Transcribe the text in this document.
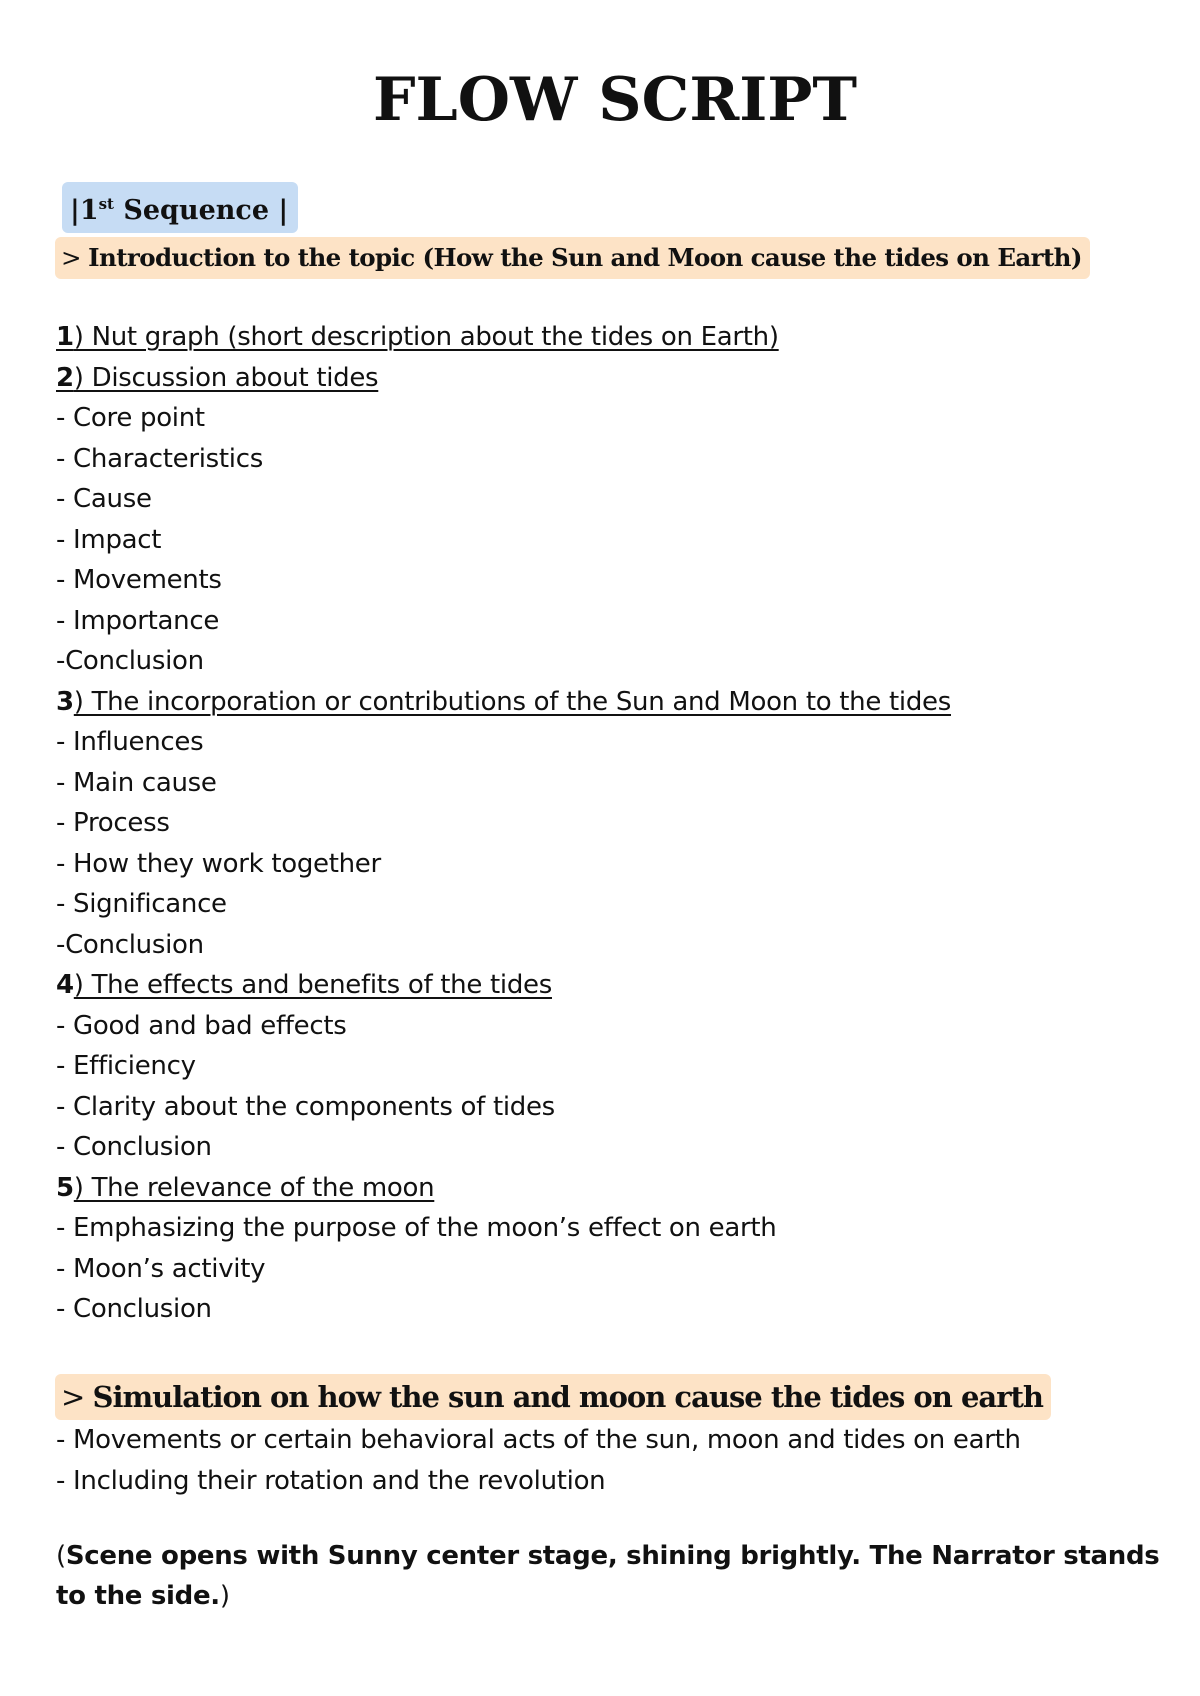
FLOW SCRIPT
|1st Sequence |
> Introduction to the topic (How the Sun and Moon cause the tides on Earth)
1) Nut graph (short description about the tides on Earth)
2) Discussion about tides
- Core point
- Characteristics
- Cause
- Impact
- Movements
- Importance
-Conclusion
3) The incorporation or contributions of the Sun and Moon to the tides
- Influences
- Main cause
- Process
- How they work together
- Significance
-Conclusion
4) The effects and benefits of the tides
- Good and bad effects
- Efficiency
- Clarity about the components of tides
- Conclusion
5) The relevance of the moon
- Emphasizing the purpose of the moon’s effect on earth
- Moon’s activity
- Conclusion
> Simulation on how the sun and moon cause the tides on earth
- Movements or certain behavioral acts of the sun, moon and tides on earth
- Including their rotation and the revolution
(Scene opens with Sunny center stage, shining brightly. The Narrator stands to the side.)
